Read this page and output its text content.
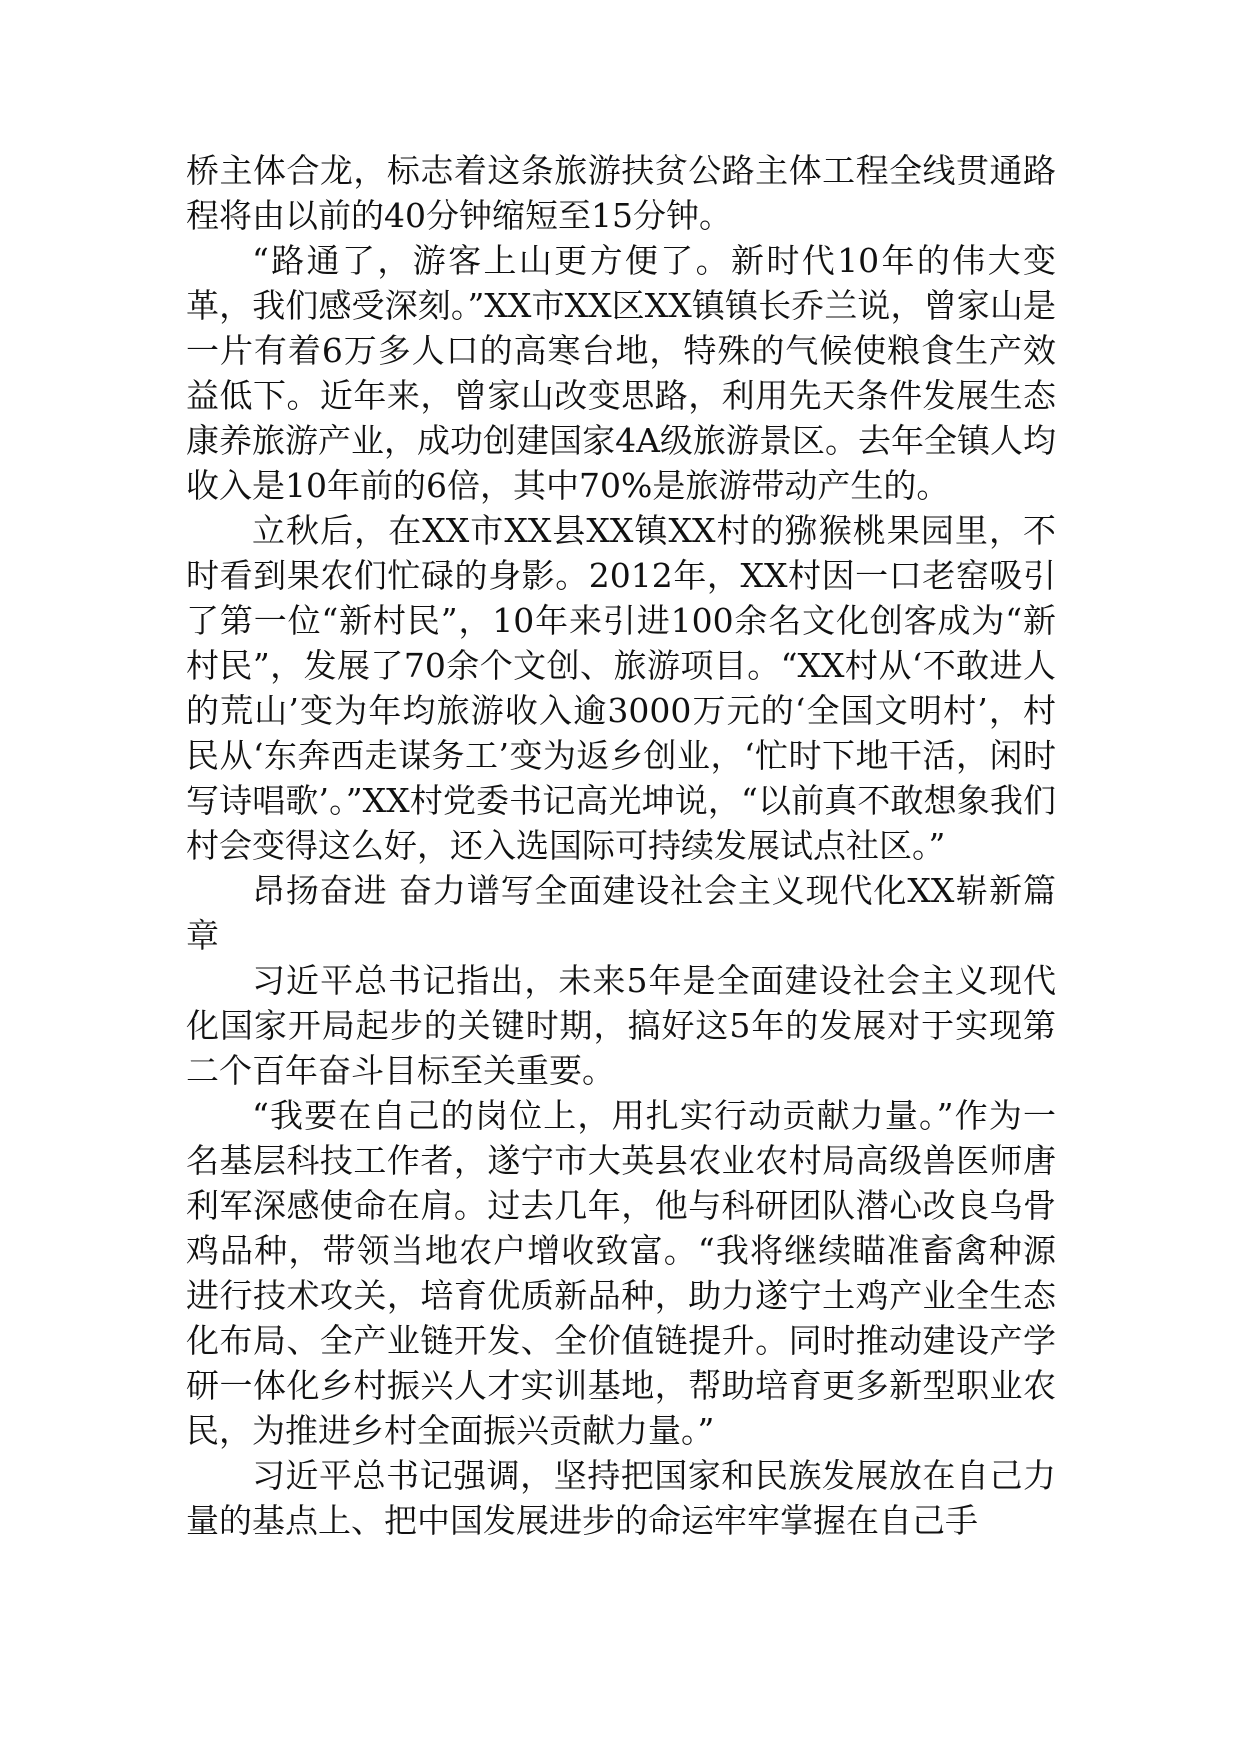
桥主体合龙，标志着这条旅游扶贫公路主体工程全线贯通路程将由以前的40分钟缩短至15分钟。

“路通了，游客上山更方便了。新时代10年的伟大变革，我们感受深刻。”XX市XX区XX镇镇长乔兰说，曾家山是一片有着6万多人口的高寒台地，特殊的气候使粮食生产效益低下。近年来，曾家山改变思路，利用先天条件发展生态康养旅游产业，成功创建国家4A级旅游景区。去年全镇人均收入是10年前的6倍，其中70%是旅游带动产生的。

立秋后，在XX市XX县XX镇XX村的猕猴桃果园里，不时看到果农们忙碌的身影。2012年，XX村因一口老窑吸引了第一位“新村民”，10年来引进100余名文化创客成为“新村民”，发展了70余个文创、旅游项目。“XX村从‘不敢进人的荒山’变为年均旅游收入逾3000万元的‘全国文明村’，村民从‘东奔西走谋务工’变为返乡创业，‘忙时下地干活，闲时写诗唱歌’。”XX村党委书记高光坤说，“以前真不敢想象我们村会变得这么好，还入选国际可持续发展试点社区。”

昂扬奋进 奋力谱写全面建设社会主义现代化XX崭新篇章

习近平总书记指出，未来5年是全面建设社会主义现代化国家开局起步的关键时期，搞好这5年的发展对于实现第二个百年奋斗目标至关重要。

“我要在自己的岗位上，用扎实行动贡献力量。”作为一名基层科技工作者，遂宁市大英县农业农村局高级兽医师唐利军深感使命在肩。过去几年，他与科研团队潜心改良乌骨鸡品种，带领当地农户增收致富。“我将继续瞄准畜禽种源进行技术攻关，培育优质新品种，助力遂宁土鸡产业全生态化布局、全产业链开发、全价值链提升。同时推动建设产学研一体化乡村振兴人才实训基地，帮助培育更多新型职业农民，为推进乡村全面振兴贡献力量。”

习近平总书记强调，坚持把国家和民族发展放在自己力量的基点上、把中国发展进步的命运牢牢掌握在自己手
